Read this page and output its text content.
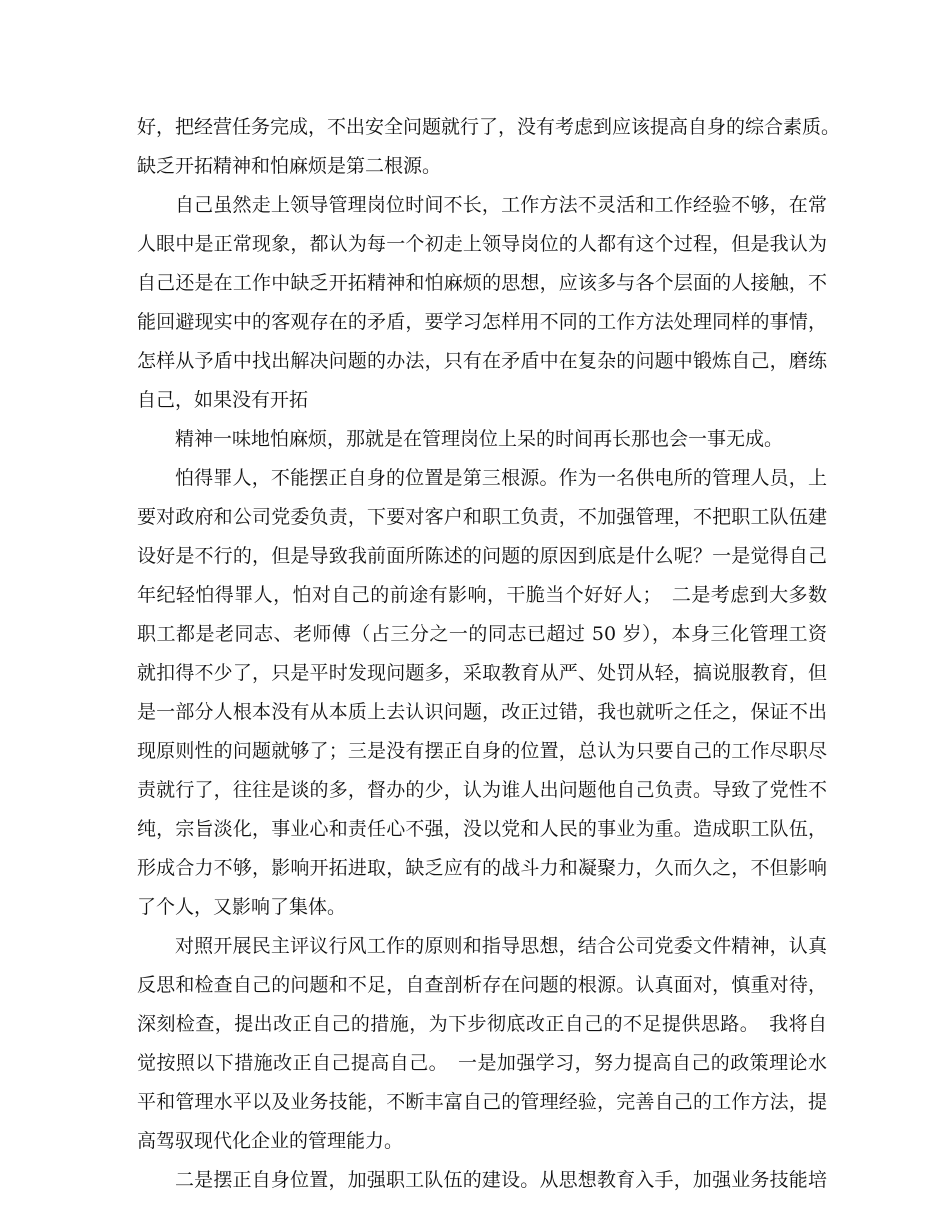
好，把经营任务完成，不出安全问题就行了，没有考虑到应该提高自身的综合素质。
缺乏开拓精神和怕麻烦是第二根源。
自己虽然走上领导管理岗位时间不长，工作方法不灵活和工作经验不够，在常
人眼中是正常现象，都认为每一个初走上领导岗位的人都有这个过程，但是我认为
自己还是在工作中缺乏开拓精神和怕麻烦的思想，应该多与各个层面的人接触，不
能回避现实中的客观存在的矛盾，要学习怎样用不同的工作方法处理同样的事情，
怎样从予盾中找出解决问题的办法，只有在矛盾中在复杂的问题中锻炼自己，磨练
自己，如果没有开拓
精神一味地怕麻烦，那就是在管理岗位上呆的时间再长那也会一事无成。
怕得罪人，不能摆正自身的位置是第三根源。作为一名供电所的管理人员，上
要对政府和公司党委负责，下要对客户和职工负责，不加强管理，不把职工队伍建
设好是不行的，但是导致我前面所陈述的问题的原因到底是什么呢？一是觉得自己
年纪轻怕得罪人，怕对自己的前途有影响，干脆当个好好人；　二是考虑到大多数
职工都是老同志、老师傅（占三分之一的同志已超过 50 岁），本身三化管理工资
就扣得不少了，只是平时发现问题多，采取教育从严、处罚从轻，搞说服教育，但
是一部分人根本没有从本质上去认识问题，改正过错，我也就听之任之，保证不出
现原则性的问题就够了；三是没有摆正自身的位置，总认为只要自己的工作尽职尽
责就行了，往往是谈的多，督办的少，认为谁人出问题他自己负责。导致了党性不
纯，宗旨淡化，事业心和责任心不强，没以党和人民的事业为重。造成职工队伍，
形成合力不够，影响开拓进取，缺乏应有的战斗力和凝聚力，久而久之，不但影响
了个人，又影响了集体。
对照开展民主评议行风工作的原则和指导思想，结合公司党委文件精神，认真
反思和检查自己的问题和不足，自查剖析存在问题的根源。认真面对，慎重对待，
深刻检查，提出改正自己的措施，为下步彻底改正自己的不足提供思路。　我将自
觉按照以下措施改正自己提高自己。　一是加强学习，努力提高自己的政策理论水
平和管理水平以及业务技能，不断丰富自己的管理经验，完善自己的工作方法，提
高驾驭现代化企业的管理能力。
二是摆正自身位置，加强职工队伍的建设。从思想教育入手，加强业务技能培
